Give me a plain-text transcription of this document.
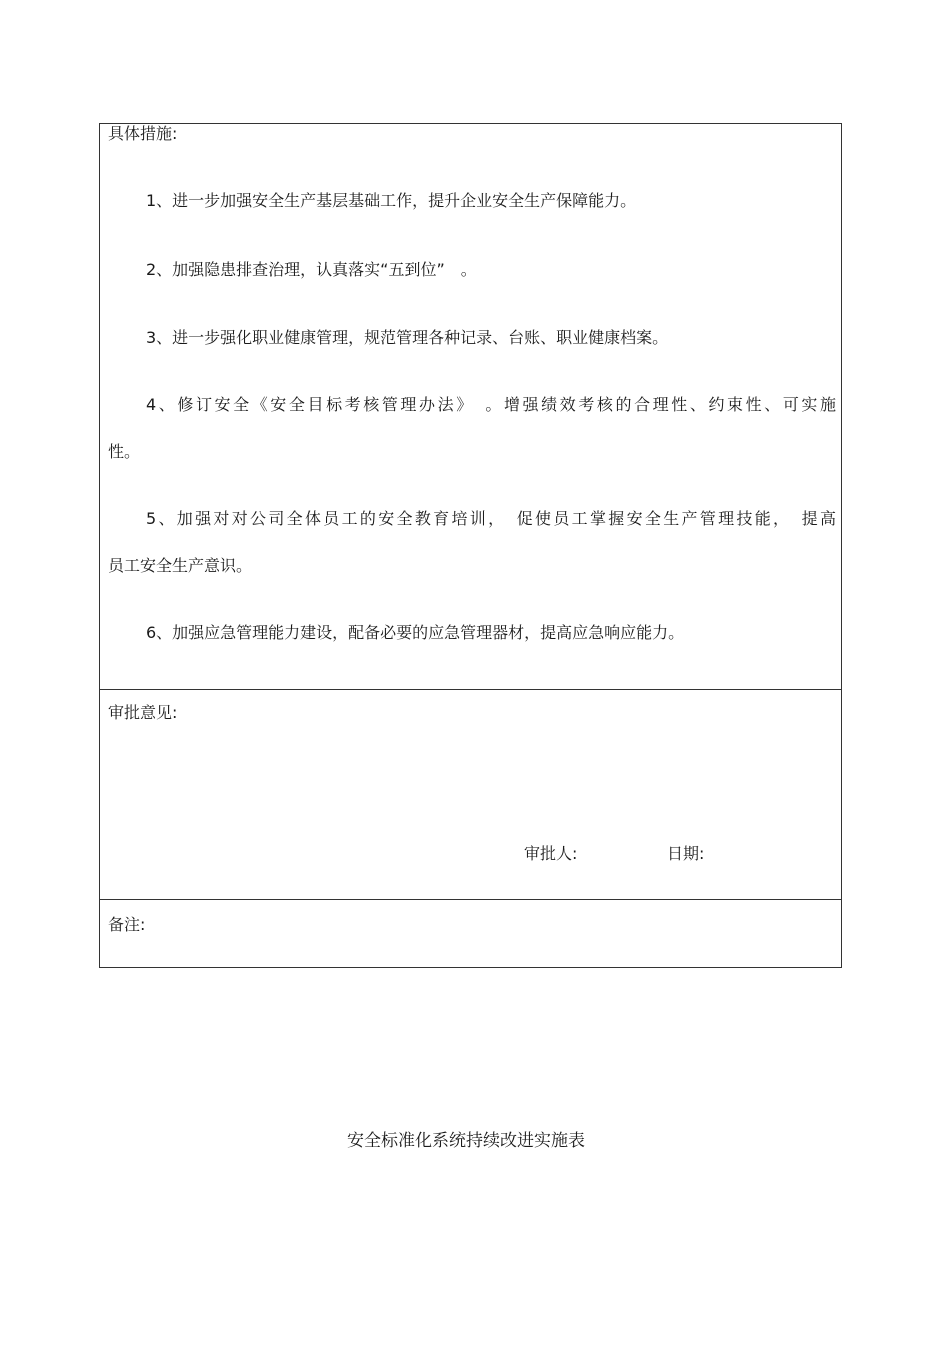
具体措施:
1、进一步加强安全生产基层基础工作，提升企业安全生产保障能力。
2、加强隐患排查治理，认真落实“五到位”　。
3、进一步强化职业健康管理，规范管理各种记录、台账、职业健康档案。
4、修订安全《安全目标考核管理办法》　。增强绩效考核的合理性、约束性、可实施
性。
5、加强对对公司全体员工的安全教育培训，　促使员工掌握安全生产管理技能，　提高
员工安全生产意识。
6、加强应急管理能力建设，配备必要的应急管理器材，提高应急响应能力。
审批意见:
审批人:	日期:
备注:
安全标准化系统持续改进实施表
